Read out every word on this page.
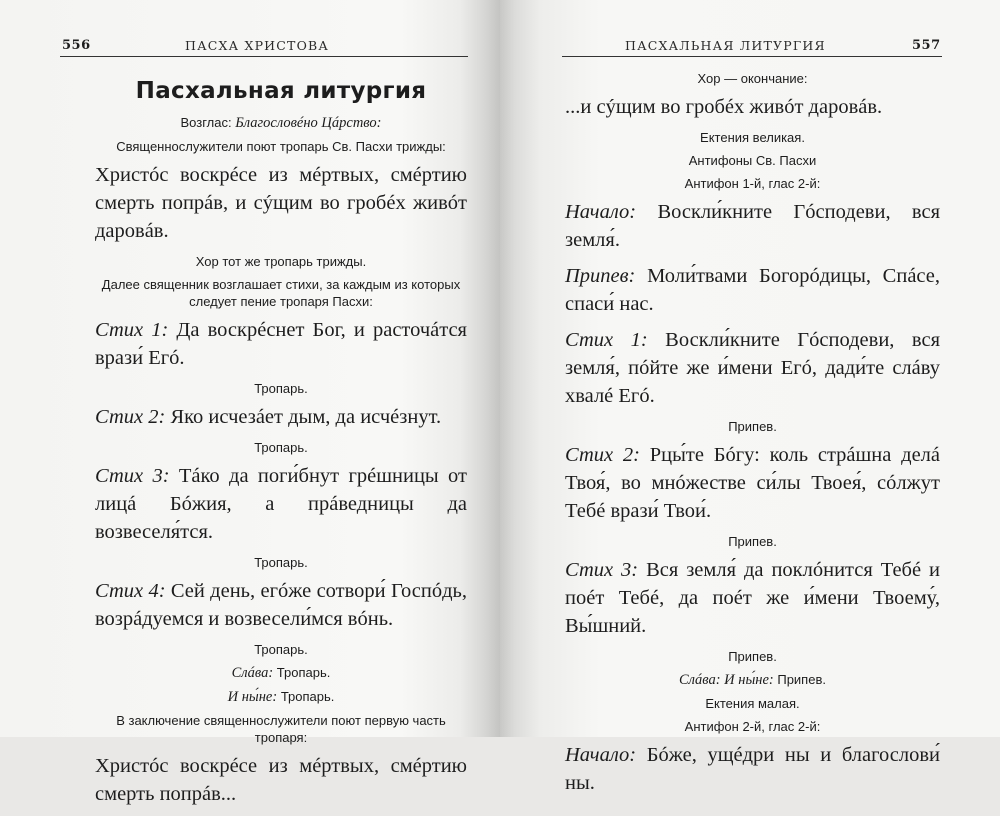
556	ПАСХА ХРИСТОВА
Пасхальная литургия
Возглас: Благословéно Цáрство:
Священнослужители поют тропарь Св. Пасхи трижды:
Христóс воскрéсе из мéртвых, смéртию смерть попрáв, и сýщим во гробéх живóт даровáв.
Хор тот же тропарь трижды.
Далее священник возглашает стихи, за каждым из которых следует пение тропаря Пасхи:
Стих 1: Да воскрéснет Бог, и расточáтся врази́ Егó.
Тропарь.
Стих 2: Яко исчезáет дым, да исчéзнут.
Тропарь.
Стих 3: Тáко да поги́бнут грéшницы от лицá Бóжия, а прáведницы да возвеселя́тся.
Тропарь.
Стих 4: Сей день, егóже сотвори́ Госпóдь, возрáдуемся и возвесели́мся вóнь.
Тропарь.
Слáва: Тропарь.
И ны́не: Тропарь.
В заключение священнослужители поют первую часть тропаря:
Христóс воскрéсе из мéртвых, смéртию смерть попрáв...
ПАСХАЛЬНАЯ ЛИТУРГИЯ	557
Хор — окончание:
...и сýщим во гробéх живóт даровáв.
Ектения великая.
Антифоны Св. Пасхи
Антифон 1-й, глас 2-й:
Начало: Воскли́кните Гóсподеви, вся земля́.
Припев: Моли́твами Богорóдицы, Спáсе, спаси́ нас.
Стих 1: Воскли́кните Гóсподеви, вся земля́, пóйте же и́мени Егó, дади́те слáву хвалé Егó.
Припев.
Стих 2: Рцы́те Бóгу: коль стрáшна делá Твоя́, во мнóжестве си́лы Твоея́, сóлжут Тебé врази́ Твои́.
Припев.
Стих 3: Вся земля́ да поклóнится Тебé и поéт Тебé, да поéт же и́мени Твоему́, Вы́шний.
Припев.
Слáва: И ны́не: Припев.
Ектения малая.
Антифон 2-й, глас 2-й:
Начало: Бóже, ущéдри ны и благослови́ ны.
